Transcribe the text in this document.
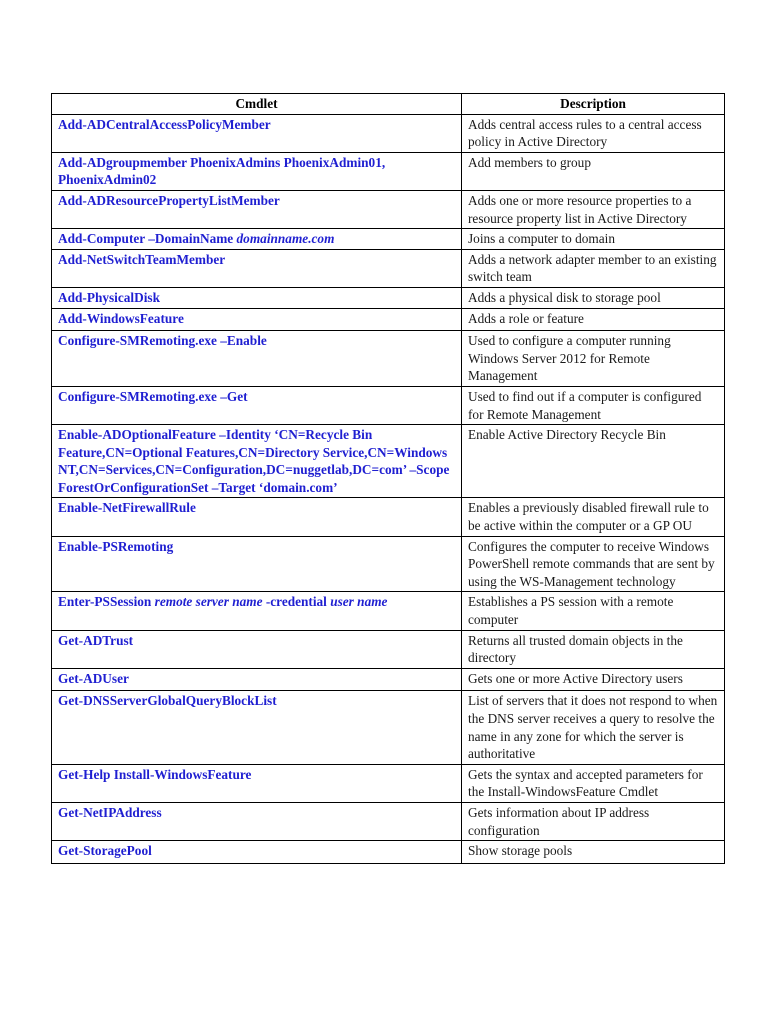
Cmdlet	Description
Add-ADCentralAccessPolicyMember	Adds central access rules to a central access policy in Active Directory
Add-ADgroupmember PhoenixAdmins PhoenixAdmin01, PhoenixAdmin02	Add members to group
Add-ADResourcePropertyListMember	Adds one or more resource properties to a resource property list in Active Directory
Add-Computer –DomainName domainname.com	Joins a computer to domain
Add-NetSwitchTeamMember	Adds a network adapter member to an existing switch team
Add-PhysicalDisk	Adds a physical disk to storage pool
Add-WindowsFeature	Adds a role or feature
Configure-SMRemoting.exe –Enable	Used to configure a computer running Windows Server 2012 for Remote Management
Configure-SMRemoting.exe –Get	Used to find out if a computer is configured for Remote Management
Enable-ADOptionalFeature –Identity ‘CN=Recycle Bin Feature,CN=Optional Features,CN=Directory Service,CN=Windows NT,CN=Services,CN=Configuration,DC=nuggetlab,DC=com’ –Scope ForestOrConfigurationSet –Target ‘domain.com’	Enable Active Directory Recycle Bin
Enable-NetFirewallRule	Enables a previously disabled firewall rule to be active within the computer or a GP OU
Enable-PSRemoting	Configures the computer to receive Windows PowerShell remote commands that are sent by using the WS-Management technology
Enter-PSSession remote server name -credential user name	Establishes a PS session with a remote computer
Get-ADTrust	Returns all trusted domain objects in the directory
Get-ADUser	Gets one or more Active Directory users
Get-DNSServerGlobalQueryBlockList	List of servers that it does not respond to when the DNS server receives a query to resolve the name in any zone for which the server is authoritative
Get-Help Install-WindowsFeature	Gets the syntax and accepted parameters for the Install-WindowsFeature Cmdlet
Get-NetIPAddress	Gets information about IP address configuration
Get-StoragePool	Show storage pools
